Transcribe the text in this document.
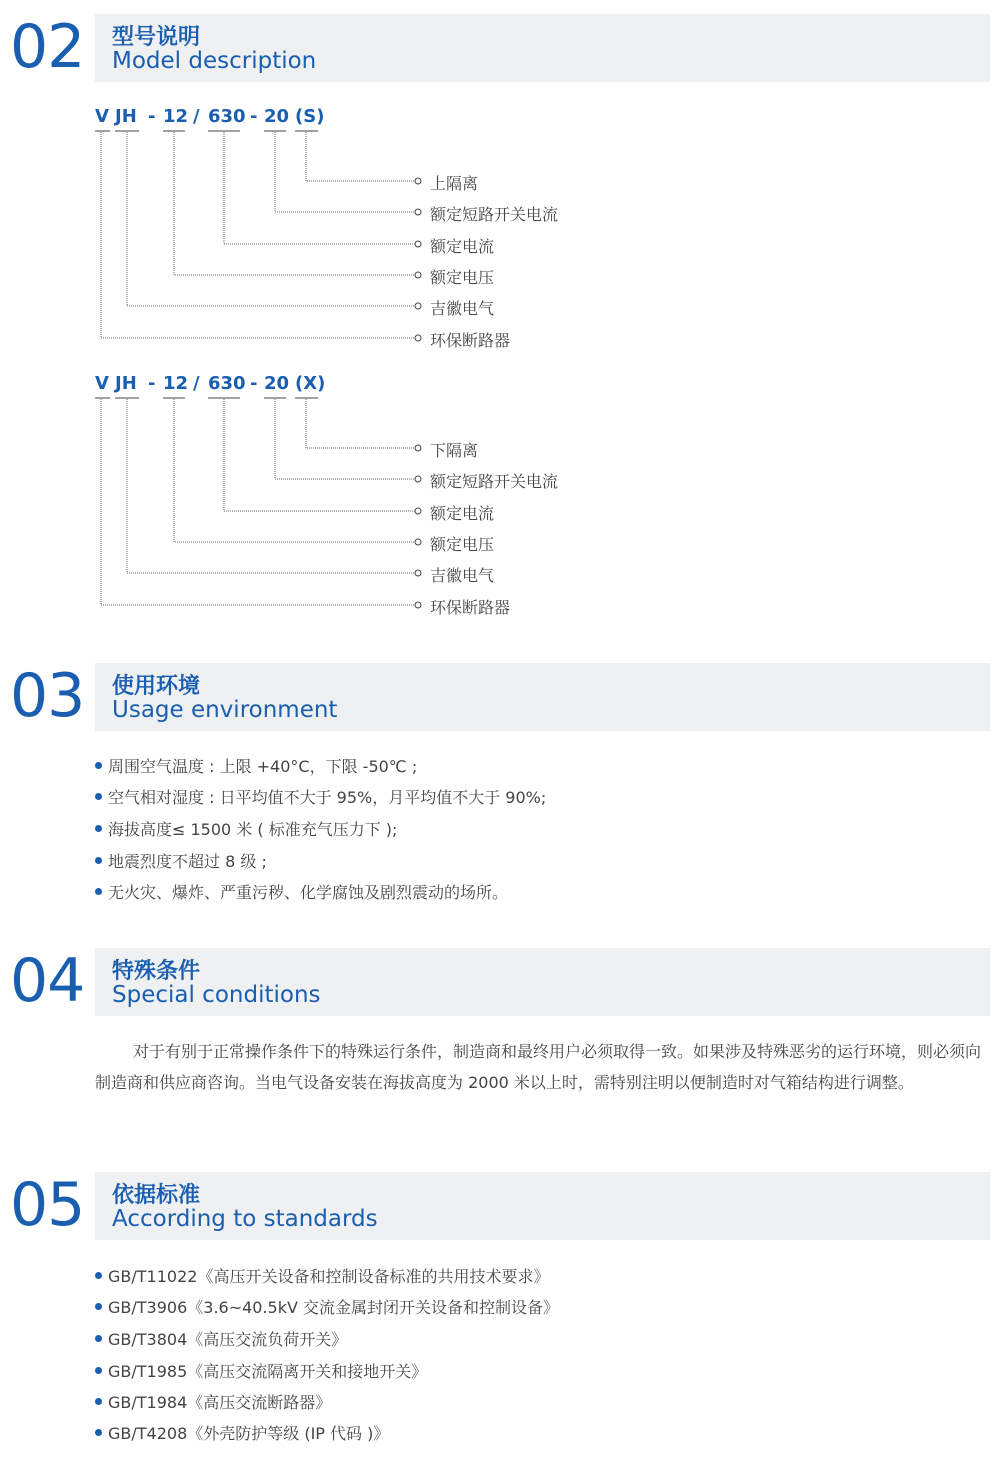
02 型号说明
Model description
V JH - 12 / 630 - 20 (S)
上隔离
额定短路开关电流
额定电流
额定电压
吉徽电气
环保断路器
V JH - 12 / 630 - 20 (X)
下隔离
额定短路开关电流
额定电流
额定电压
吉徽电气
环保断路器
03 使用环境
Usage environment
周围空气温度 : 上限 +40°C，下限 -50℃ ;
空气相对湿度 : 日平均值不大于 95%，月平均值不大于 90%;
海拔高度≤ 1500 米 ( 标准充气压力下 );
地震烈度不超过 8 级 ;
无火灾、爆炸、严重污秽、化学腐蚀及剧烈震动的场所。
04 特殊条件
Special conditions
对于有别于正常操作条件下的特殊运行条件，制造商和最终用户必须取得一致。如果涉及特殊恶劣的运行环境，则必须向制造商和供应商咨询。当电气设备安装在海拔高度为 2000 米以上时，需特别注明以便制造时对气箱结构进行调整。
05 依据标准
According to standards
GB/T11022《高压开关设备和控制设备标准的共用技术要求》
GB/T3906《3.6~40.5kV 交流金属封闭开关设备和控制设备》
GB/T3804《高压交流负荷开关》
GB/T1985《高压交流隔离开关和接地开关》
GB/T1984《高压交流断路器》
GB/T4208《外壳防护等级 (IP 代码 )》
